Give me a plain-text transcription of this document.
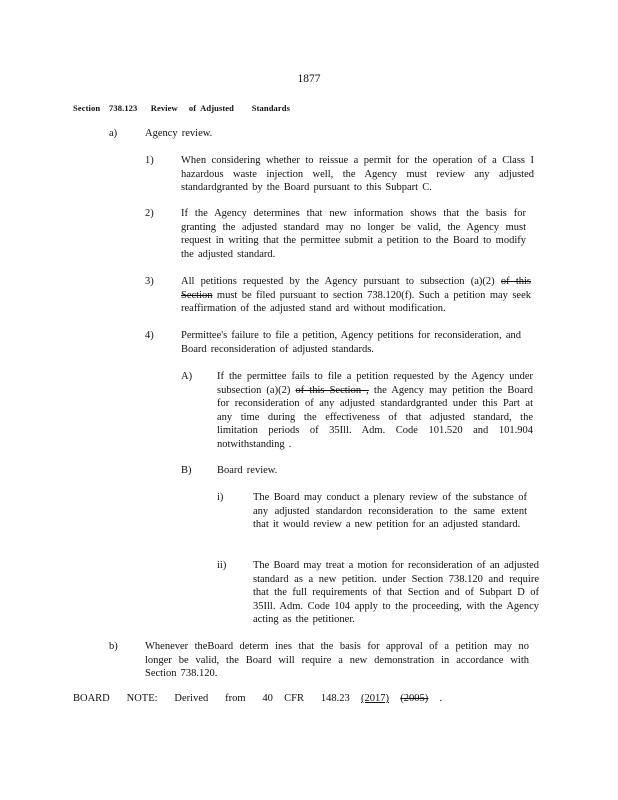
1877
Section    738.123      Review     of  Adjusted        Standards
a)	Agency review.
1)	When considering whether to reissue a permit for the operation of a Class I hazardous waste injection well, the Agency must review any adjusted standardgranted by the Board pursuant to this Subpart C.
2)	If the Agency determines that new information shows that the basis for granting the adjusted standard may no longer be valid, the Agency must request in writing that the permittee submit a petition to the Board to modify the adjusted standard.
3)	All petitions requested by the Agency pursuant to subsection (a)(2) of this Section must be filed pursuant to section 738.120(f). Such a petition may seek reaffirmation of the adjusted stand ard without modification.
4)	Permittee's failure to file a petition, Agency petitions for reconsideration, and Board reconsideration of adjusted standards.
A) If the permittee fails to file a petition requested by the Agency under subsection (a)(2) of this Section , the Agency may petition the Board for reconsideration of any adjusted standardgranted under this Part at any time during the effectiveness of that adjusted standard, the limitation periods of 35Ill. Adm. Code 101.520 and 101.904 notwithstanding .
B) Board review.
i)	The Board may conduct a plenary review of the substance of any adjusted standardon reconsideration to the same extent that it would review a new petition for an adjusted standard.
ii)	The Board may treat a motion for reconsideration of an adjusted standard as a new petition. under Section 738.120 and require that the full requirements of that Section and of Subpart D of 35Ill. Adm. Code 104 apply to the proceeding, with the Agency acting as the petitioner.
b)	Whenever theBoard determ ines that the basis for approval of a petition may no longer be valid, the Board will require a new demonstration in accordance with Section 738.120.
BOARD   NOTE:   Derived   from   40  CFR   148.23  (2017) (2005)  .
